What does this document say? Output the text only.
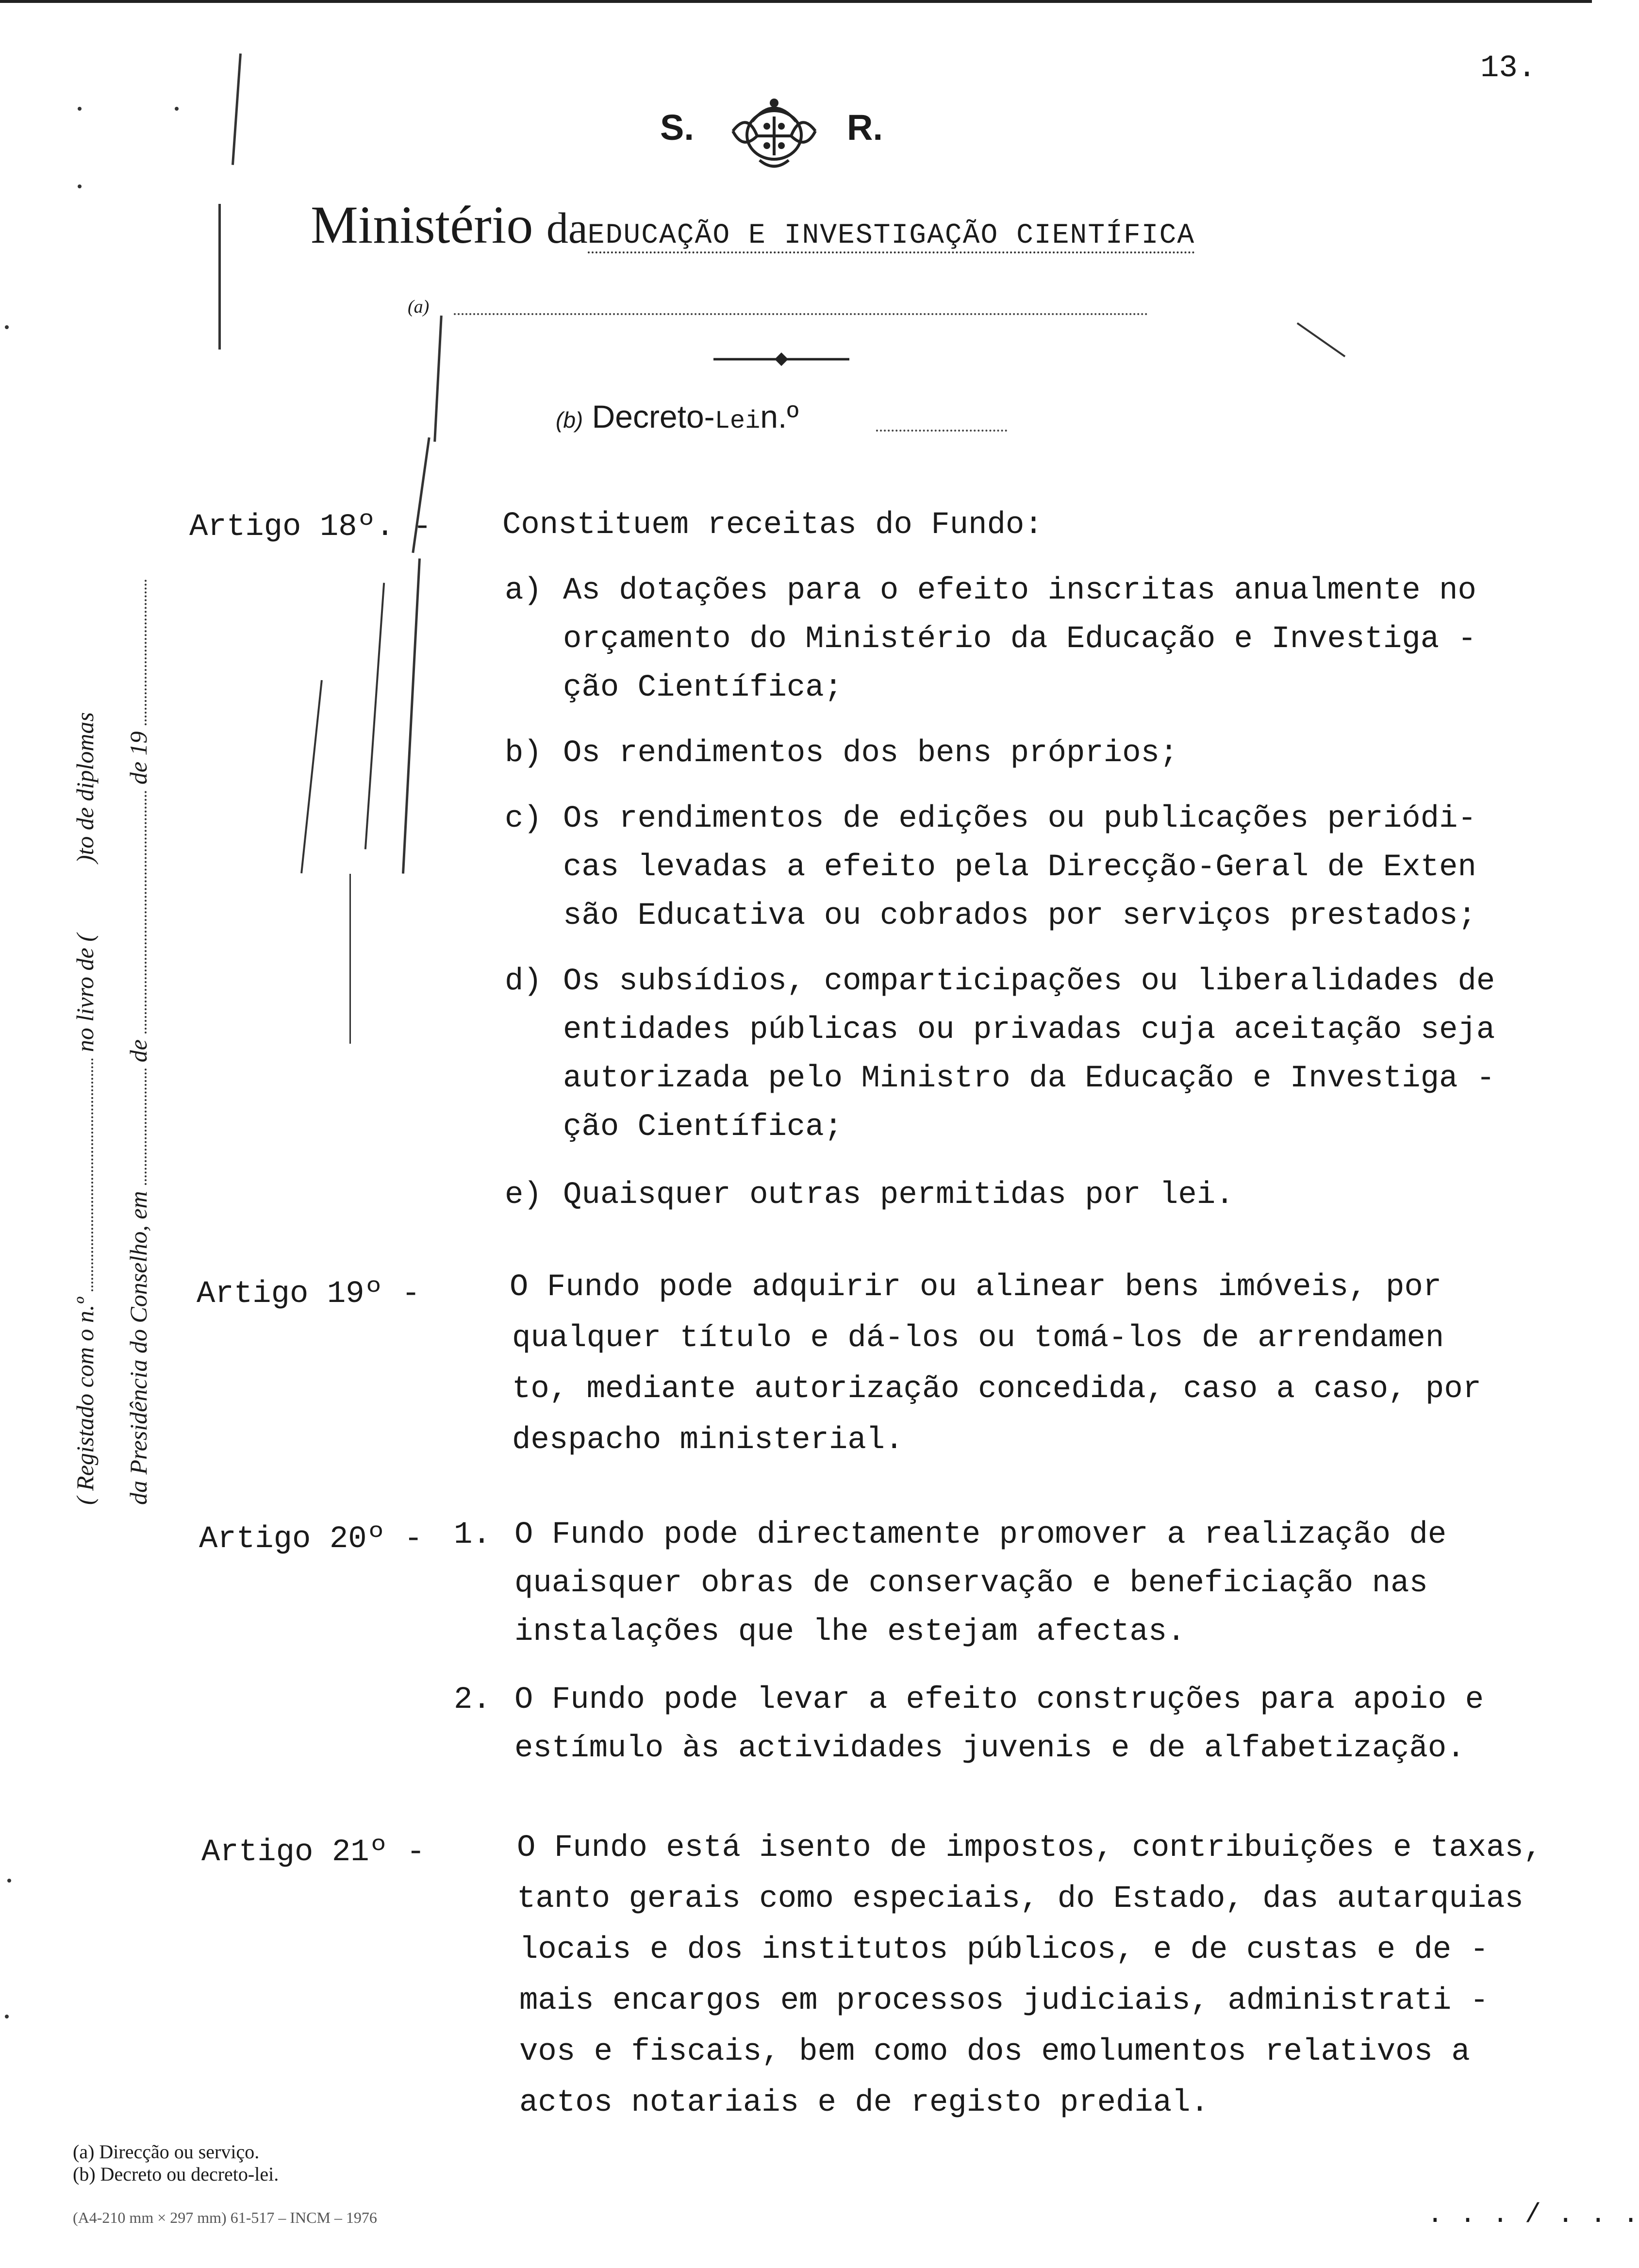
13.
S.	R.
Ministério daEDUCAÇÃO E INVESTIGAÇÃO CIENTÍFICA
(a)
(b) Decreto-Lein.º
Artigo 18º. - Constituem receitas do Fundo:
a) As dotações para o efeito inscritas anualmente no
orçamento do Ministério da Educação e Investiga -
ção Científica;
b) Os rendimentos dos bens próprios;
c) Os rendimentos de edições ou publicações periódi-
cas levadas a efeito pela Direcção-Geral de Exten
são Educativa ou cobrados por serviços prestados;
d) Os subsídios, comparticipações ou liberalidades de
entidades públicas ou privadas cuja aceitação seja
autorizada pelo Ministro da Educação e Investiga -
ção Científica;
e) Quaisquer outras permitidas por lei.
Artigo 19º -	O Fundo pode adquirir ou alinear bens imóveis, por
qualquer título e dá-los ou tomá-los de arrendamen
to, mediante autorização concedida, caso a caso, por
despacho ministerial.
Artigo 20º - 1. O Fundo pode directamente promover a realização de
quaisquer obras de conservação e beneficiação nas
instalações que lhe estejam afectas.
2. O Fundo pode levar a efeito construções para apoio e
estímulo às actividades juvenis e de alfabetização.
Artigo 21º -	O Fundo está isento de impostos, contribuições e taxas,
tanto gerais como especiais, do Estado, das autarquias
locais e dos institutos públicos, e de custas e de -
mais encargos em processos judiciais, administrati -
vos e fiscais, bem como dos emolumentos relativos a
actos notariais e de registo predial.
( Registado com o n.º  no livro de (  )to de diplomas
da Presidência do Conselho, em  de  de 19
(a) Direcção ou serviço.
(b) Decreto ou decreto-lei.
(A4-210 mm × 297 mm) 61-517 – INCM – 1976	. . . / . . .
